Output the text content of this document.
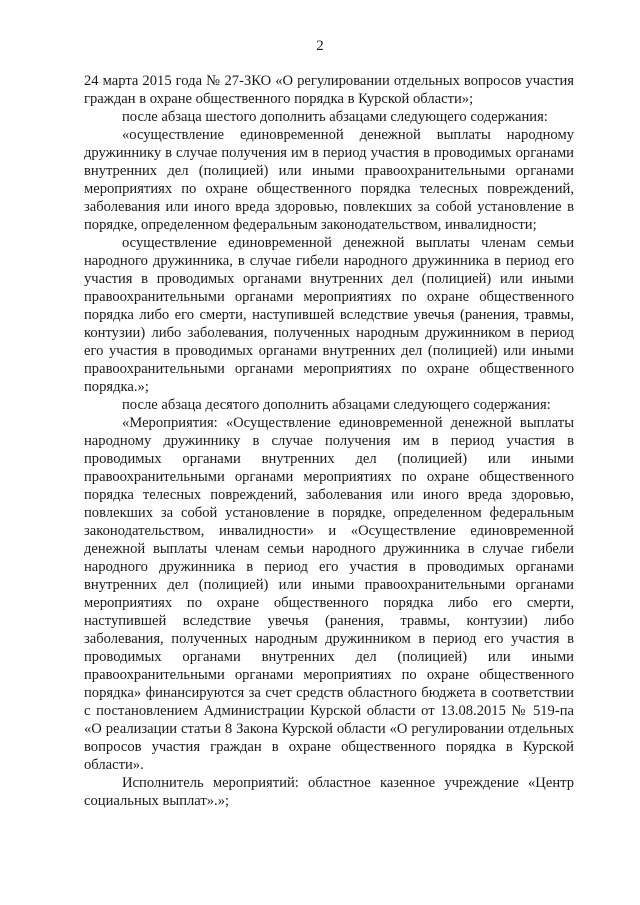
2

24 марта 2015 года № 27-ЗКО «О регулировании отдельных вопросов участия граждан в охране общественного порядка в Курской области»;

после абзаца шестого дополнить абзацами следующего содержания:

«осуществление единовременной денежной выплаты народному дружиннику в случае получения им в период участия в проводимых органами внутренних дел (полицией) или иными правоохранительными органами мероприятиях по охране общественного порядка телесных повреждений, заболевания или иного вреда здоровью, повлекших за собой установление в порядке, определенном федеральным законодательством, инвалидности;

осуществление единовременной денежной выплаты членам семьи народного дружинника, в случае гибели народного дружинника в период его участия в проводимых органами внутренних дел (полицией) или иными правоохранительными органами мероприятиях по охране общественного порядка либо его смерти, наступившей вследствие увечья (ранения, травмы, контузии) либо заболевания, полученных народным дружинником в период его участия в проводимых органами внутренних дел (полицией) или иными правоохранительными органами мероприятиях по охране общественного порядка.»;

после абзаца десятого дополнить абзацами следующего содержания:

«Мероприятия: «Осуществление единовременной денежной выплаты народному дружиннику в случае получения им в период участия в проводимых органами внутренних дел (полицией) или иными правоохранительными органами мероприятиях по охране общественного порядка телесных повреждений, заболевания или иного вреда здоровью, повлекших за собой установление в порядке, определенном федеральным законодательством, инвалидности» и «Осуществление единовременной денежной выплаты членам семьи народного дружинника в случае гибели народного дружинника в период его участия в проводимых органами внутренних дел (полицией) или иными правоохранительными органами мероприятиях по охране общественного порядка либо его смерти, наступившей вследствие увечья (ранения, травмы, контузии) либо заболевания, полученных народным дружинником в период его участия в проводимых органами внутренних дел (полицией) или иными правоохранительными органами мероприятиях по охране общественного порядка» финансируются за счет средств областного бюджета в соответствии с постановлением Администрации Курской области от 13.08.2015 № 519-па «О реализации статьи 8 Закона Курской области «О регулировании отдельных вопросов участия граждан в охране общественного порядка в Курской области».

Исполнитель мероприятий: областное казенное учреждение «Центр социальных выплат».»;
